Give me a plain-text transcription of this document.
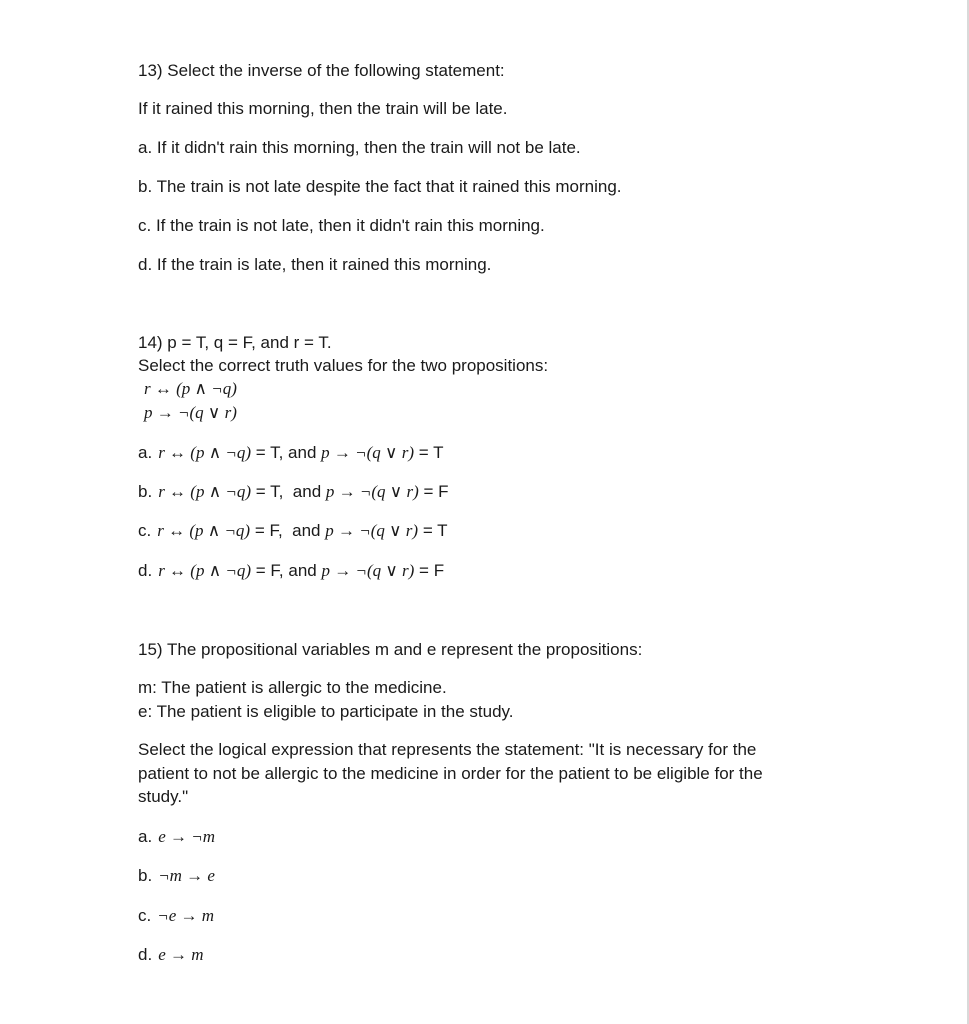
13) Select the inverse of the following statement:
If it rained this morning, then the train will be late.
a. If it didn't rain this morning, then the train will not be late.
b. The train is not late despite the fact that it rained this morning.
c. If the train is not late, then it didn't rain this morning.
d. If the train is late, then it rained this morning.
14) p = T, q = F, and r = T.
Select the correct truth values for the two propositions:
r ↔ (p ∧ ¬q)
p → ¬(q ∨ r)
a. r ↔ (p ∧ ¬q) = T, and p → ¬(q ∨ r) = T
b. r ↔ (p ∧ ¬q) = T,  and p → ¬(q ∨ r) = F
c. r ↔ (p ∧ ¬q) = F,  and p → ¬(q ∨ r) = T
d. r ↔ (p ∧ ¬q) = F, and p → ¬(q ∨ r) = F
15) The propositional variables m and e represent the propositions:
m: The patient is allergic to the medicine.
e: The patient is eligible to participate in the study.
Select the logical expression that represents the statement: "It is necessary for the patient to not be allergic to the medicine in order for the patient to be eligible for the study."
a. e → ¬m
b. ¬m → e
c. ¬e → m
d. e → m
